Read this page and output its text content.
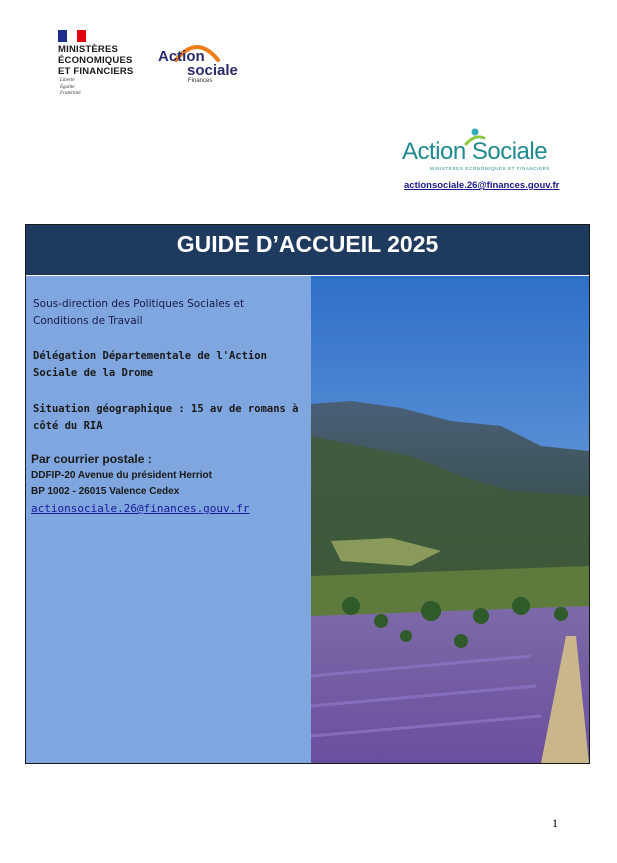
MINISTÈRES
ÉCONOMIQUES
ET FINANCIERS
Liberté
Égalité
Fraternité
Action
sociale
Finances
Action Sociale
MINISTÈRES ÉCONOMIQUES ET FINANCIERS
actionsociale.26@finances.gouv.fr
GUIDE D’ACCUEIL 2025
Sous-direction des Politiques Sociales et Conditions de Travail
Délégation Départementale de l'Action Sociale de la Drome
Situation géographique : 15 av de romans à côté du RIA
Par courrier postale :
DDFIP-20 Avenue du président Herriot
BP 1002 - 26015 Valence Cedex
actionsociale.26@finances.gouv.fr
1
